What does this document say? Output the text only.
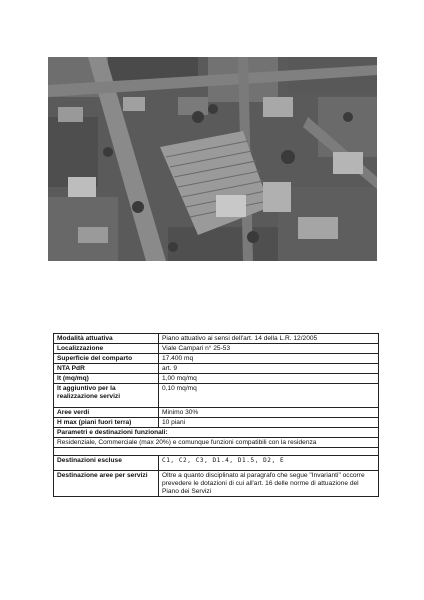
Modalità attuativa	Piano attuativo ai sensi dell'art. 14 della L.R. 12/2005
Localizzazione	Viale Campari n° 25-53
Superficie del comparto	17.400 mq
NTA PdR	art. 9
It (mq/mq)	1,00 mq/mq
It aggiuntivo per la realizzazione servizi	0,10 mq/mq
Aree verdi	Minimo 30%
H max (piani fuori terra)	10 piani
Parametri e destinazioni funzionali:	
Residenziale, Commerciale (max 20%) e comunque funzioni compatibili con la residenza	

Destinazioni escluse	C1, C2, C3, D1.4, D1.5, D2, E
Destinazione aree per servizi	Oltre a quanto disciplinato al paragrafo che segue "Invarianti" occorre prevedere le dotazioni di cui all'art. 16 delle norme di attuazione del Piano dei Servizi
